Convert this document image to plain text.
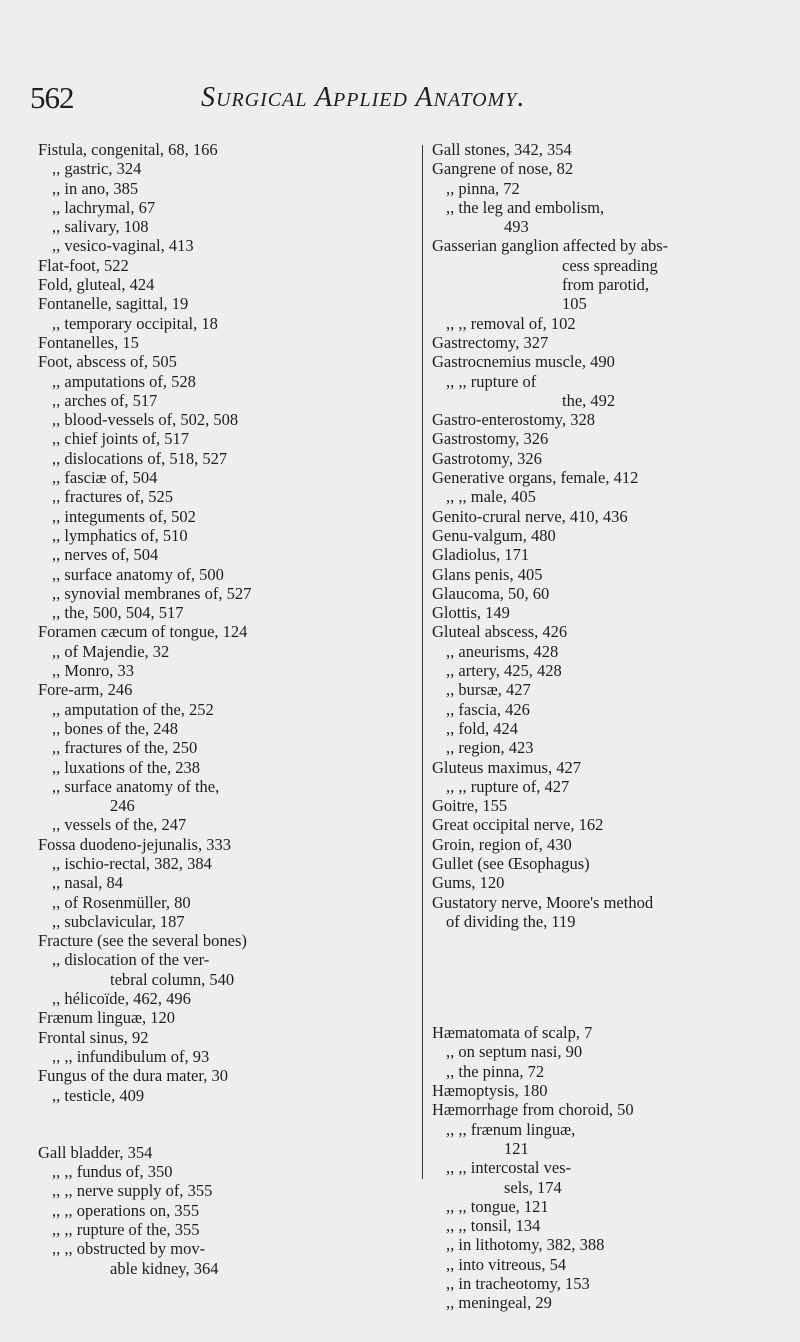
562	Surgical Applied Anatomy.
Fistula, congenital, 68, 166
,, gastric, 324
,, in ano, 385
,, lachrymal, 67
,, salivary, 108
,, vesico-vaginal, 413
Flat-foot, 522
Fold, gluteal, 424
Fontanelle, sagittal, 19
,, temporary occipital, 18
Fontanelles, 15
Foot, abscess of, 505
,, amputations of, 528
,, arches of, 517
,, blood-vessels of, 502, 508
,, chief joints of, 517
,, dislocations of, 518, 527
,, fasciæ of, 504
,, fractures of, 525
,, integuments of, 502
,, lymphatics of, 510
,, nerves of, 504
,, surface anatomy of, 500
,, synovial membranes of, 527
,, the, 500, 504, 517
Foramen cæcum of tongue, 124
,, of Majendie, 32
,, Monro, 33
Fore-arm, 246
,, amputation of the, 252
,, bones of the, 248
,, fractures of the, 250
,, luxations of the, 238
,, surface anatomy of the,
246
,, vessels of the, 247
Fossa duodeno-jejunalis, 333
,, ischio-rectal, 382, 384
,, nasal, 84
,, of Rosenmüller, 80
,, subclavicular, 187
Fracture (see the several bones)
,, dislocation of the ver-
tebral column, 540
,, hélicoïde, 462, 496
Frænum linguæ, 120
Frontal sinus, 92
,, ,, infundibulum of, 93
Fungus of the dura mater, 30
,, testicle, 409
Gall bladder, 354
,, ,, fundus of, 350
,, ,, nerve supply of, 355
,, ,, operations on, 355
,, ,, rupture of the, 355
,, ,, obstructed by mov-
able kidney, 364
Gall stones, 342, 354
Gangrene of nose, 82
,, pinna, 72
,, the leg and embolism,
493
Gasserian ganglion affected by abs-
cess spreading
from parotid,
105
,, ,, removal of, 102
Gastrectomy, 327
Gastrocnemius muscle, 490
,, ,, rupture of
the, 492
Gastro-enterostomy, 328
Gastrostomy, 326
Gastrotomy, 326
Generative organs, female, 412
,, ,, male, 405
Genito-crural nerve, 410, 436
Genu-valgum, 480
Gladiolus, 171
Glans penis, 405
Glaucoma, 50, 60
Glottis, 149
Gluteal abscess, 426
,, aneurisms, 428
,, artery, 425, 428
,, bursæ, 427
,, fascia, 426
,, fold, 424
,, region, 423
Gluteus maximus, 427
,, ,, rupture of, 427
Goitre, 155
Great occipital nerve, 162
Groin, region of, 430
Gullet (see Œsophagus)
Gums, 120
Gustatory nerve, Moore's method
of dividing the, 119
Hæmatomata of scalp, 7
,, on septum nasi, 90
,, the pinna, 72
Hæmoptysis, 180
Hæmorrhage from choroid, 50
,, ,, frænum linguæ,
121
,, ,, intercostal ves-
sels, 174
,, ,, tongue, 121
,, ,, tonsil, 134
,, in lithotomy, 382, 388
,, into vitreous, 54
,, in tracheotomy, 153
,, meningeal, 29
